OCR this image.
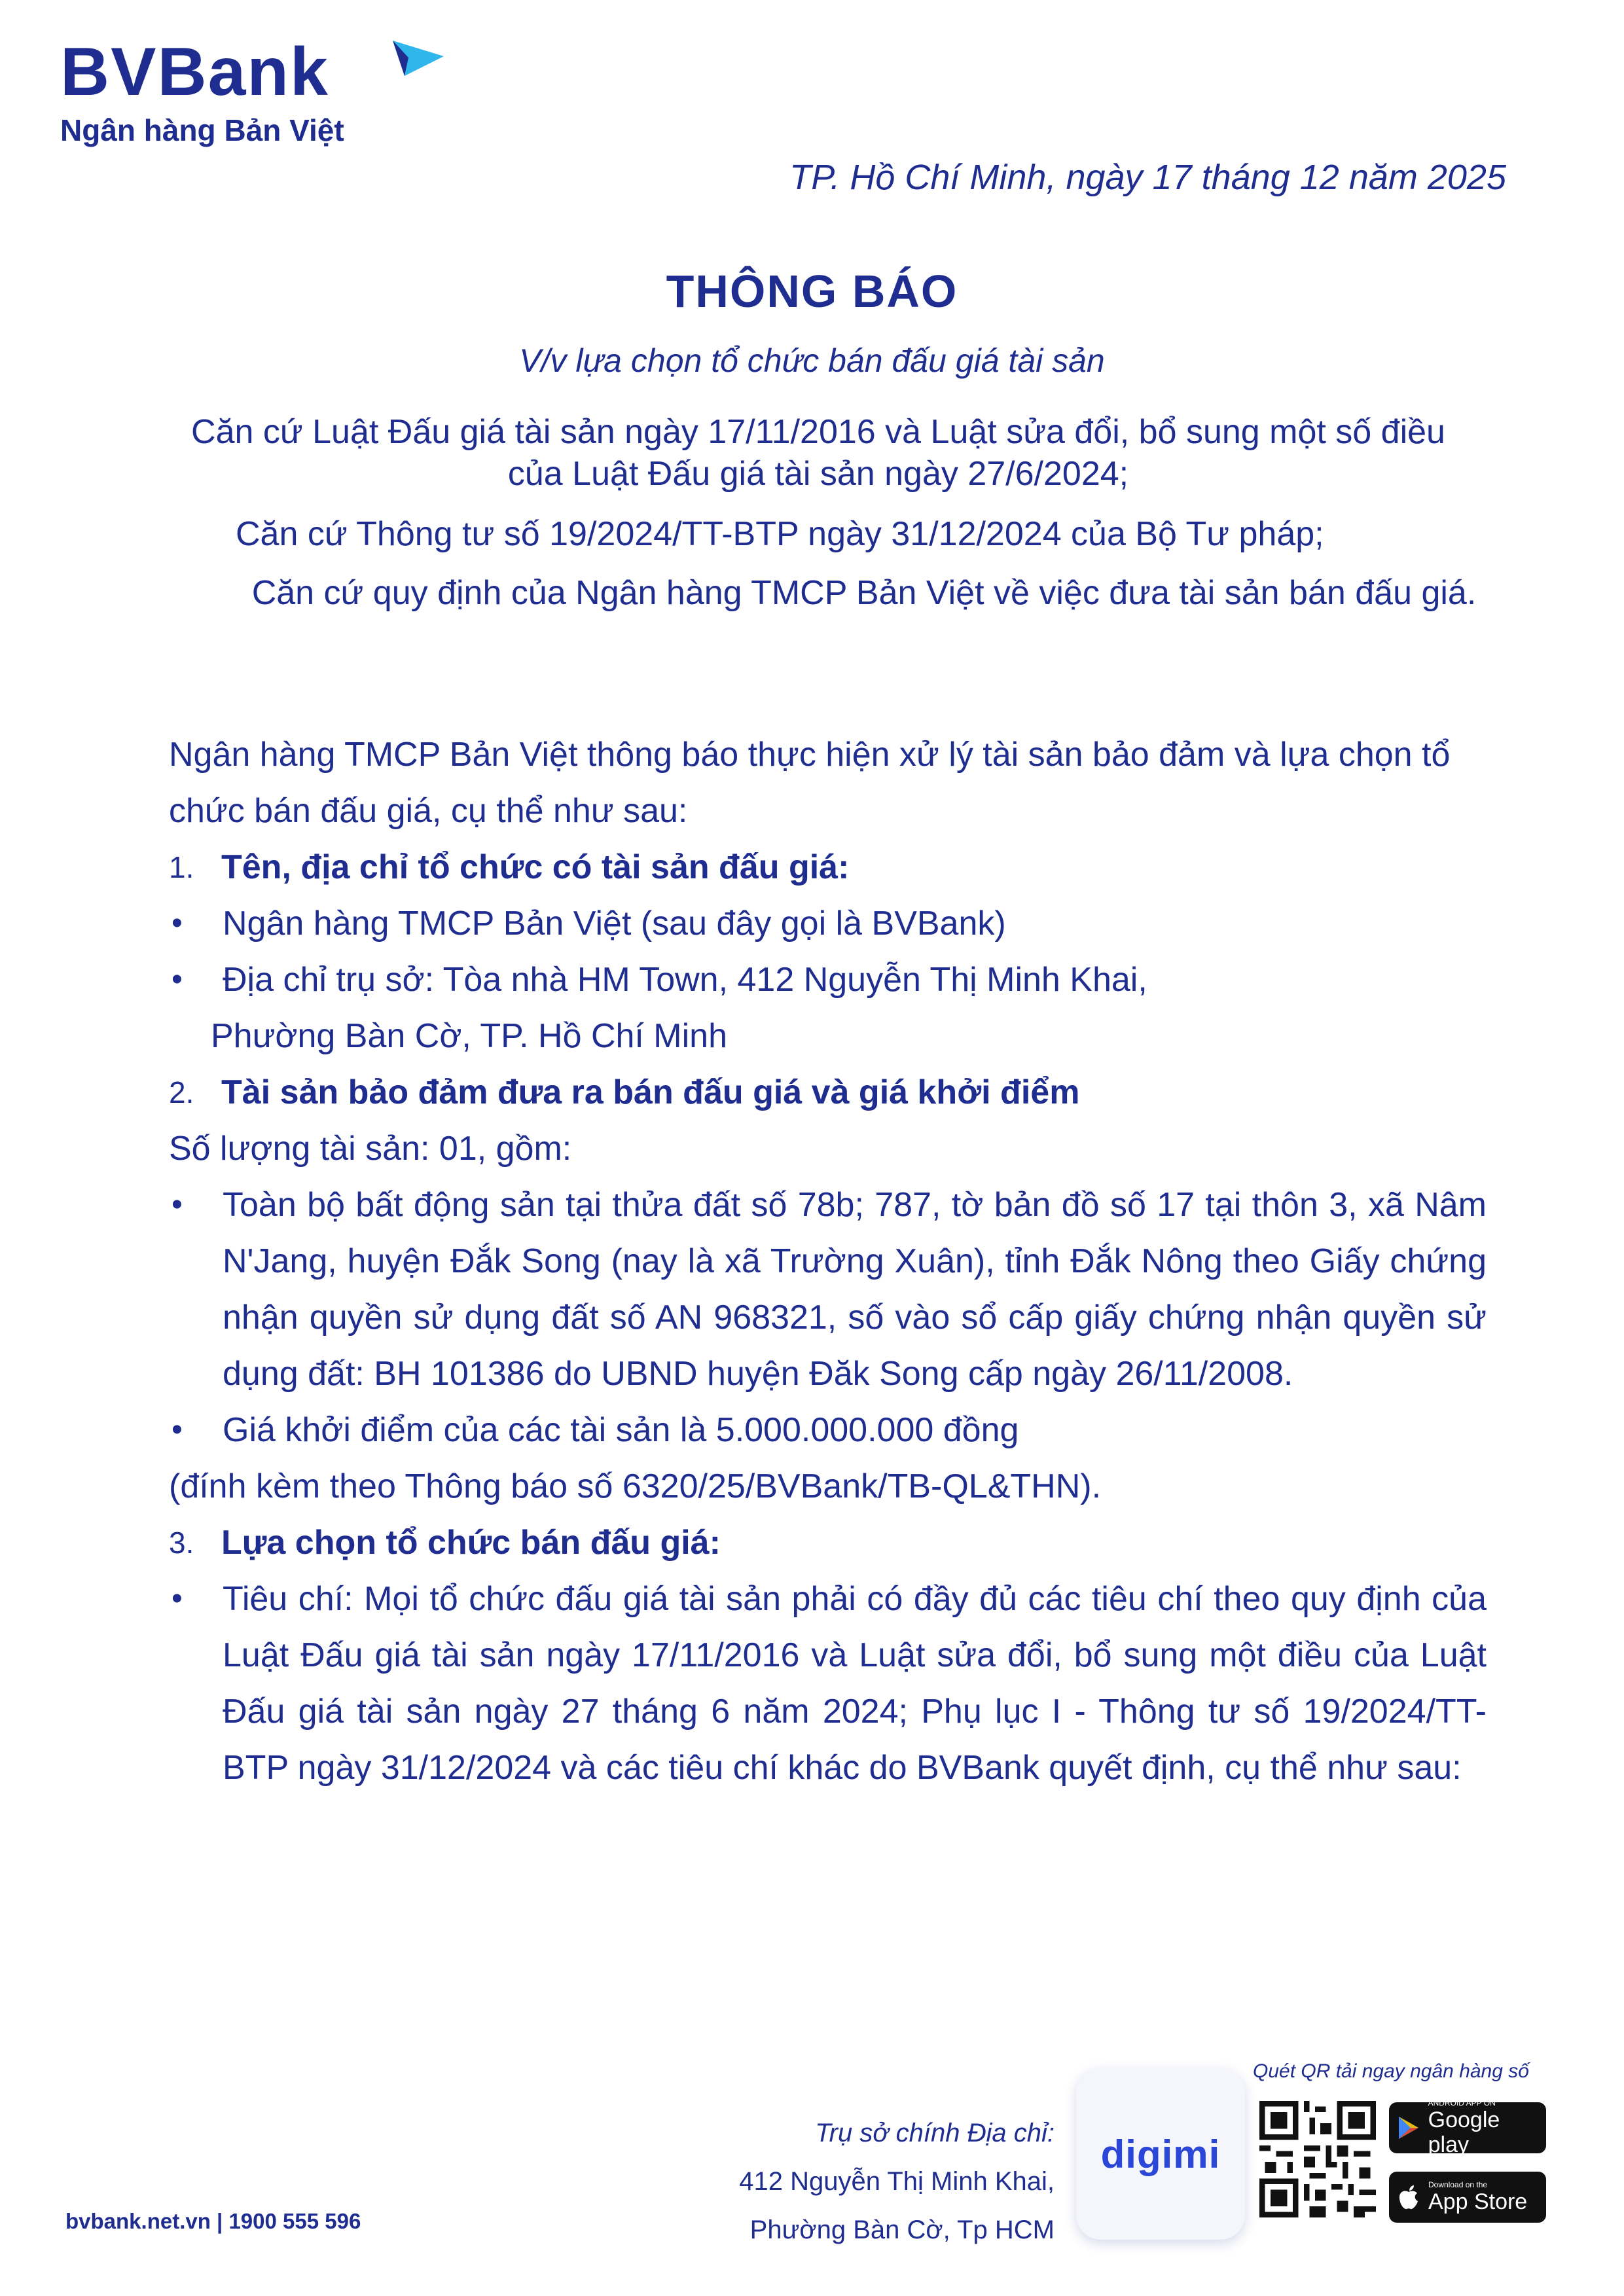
BVBank
Ngân hàng Bản Việt
TP. Hồ Chí Minh, ngày 17 tháng 12 năm 2025
THÔNG BÁO
V/v lựa chọn tổ chức bán đấu giá tài sản
Căn cứ Luật Đấu giá tài sản ngày 17/11/2016 và Luật sửa đổi, bổ sung một số điều của Luật Đấu giá tài sản ngày 27/6/2024;
Căn cứ Thông tư số 19/2024/TT-BTP ngày 31/12/2024 của Bộ Tư pháp;
Căn cứ quy định của Ngân hàng TMCP Bản Việt về việc đưa tài sản bán đấu giá.

Ngân hàng TMCP Bản Việt thông báo thực hiện xử lý tài sản bảo đảm và lựa chọn tổ chức bán đấu giá, cụ thể như sau:

1. Tên, địa chỉ tổ chức có tài sản đấu giá:
•	Ngân hàng TMCP Bản Việt (sau đây gọi là BVBank)
•	Địa chỉ trụ sở: Tòa nhà HM Town, 412 Nguyễn Thị Minh Khai,
Phường Bàn Cờ, TP. Hồ Chí Minh
2. Tài sản bảo đảm đưa ra bán đấu giá và giá khởi điểm

Số lượng tài sản: 01, gồm:

•	Toàn bộ bất động sản tại thửa đất số 78b; 787, tờ bản đồ số 17 tại thôn 3, xã Nâm N'Jang, huyện Đắk Song (nay là xã Trường Xuân), tỉnh Đắk Nông theo Giấy chứng nhận quyền sử dụng đất số AN 968321, số vào sổ cấp giấy chứng nhận quyền sử dụng đất: BH 101386 do UBND huyện Đăk Song cấp ngày 26/11/2008.
•	Giá khởi điểm của các tài sản là 5.000.000.000 đồng

(đính kèm theo Thông báo số 6320/25/BVBank/TB-QL&THN).

3. Lựa chọn tổ chức bán đấu giá:
•	Tiêu chí: Mọi tổ chức đấu giá tài sản phải có đầy đủ các tiêu chí theo quy định của Luật Đấu giá tài sản ngày 17/11/2016 và Luật sửa đổi, bổ sung một điều của Luật Đấu giá tài sản ngày 27 tháng 6 năm 2024; Phụ lục I - Thông tư số 19/2024/TT-BTP ngày 31/12/2024 và các tiêu chí khác do BVBank quyết định, cụ thể như sau:
bvbank.net.vn | 1900 555 596
Trụ sở chính Địa chỉ:
412 Nguyễn Thị Minh Khai,
Phường Bàn Cờ, Tp HCM
digimi
Quét QR tải ngay ngân hàng số
ANDROID APP ON
Google play
Download on the
App Store
